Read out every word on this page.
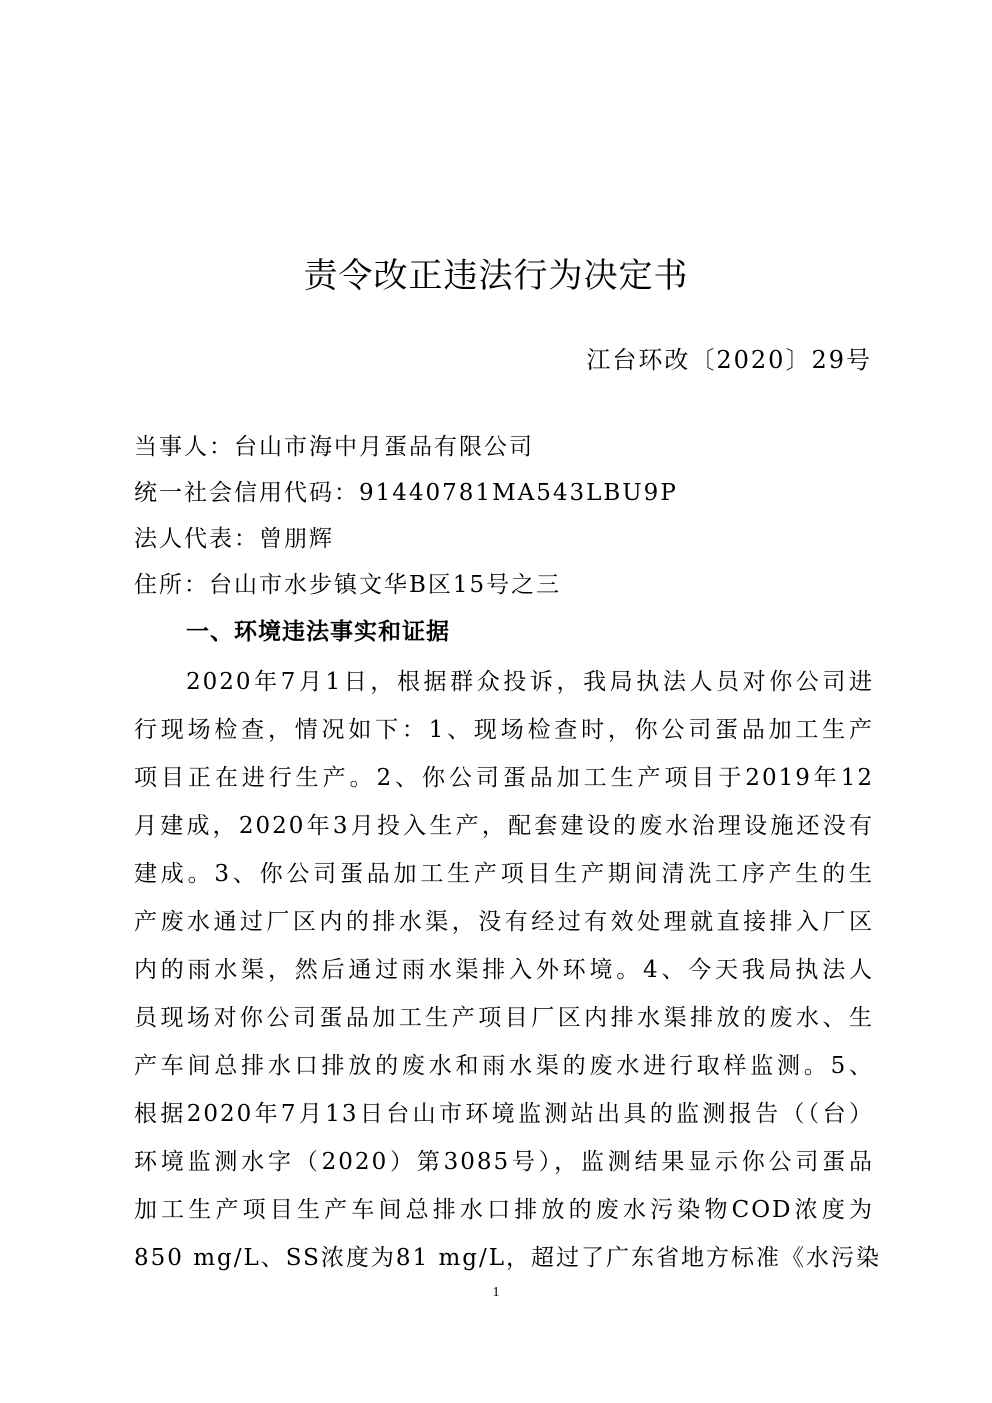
责令改正违法行为决定书
江台环改〔2020〕29号
当事人：台山市海中月蛋品有限公司
统一社会信用代码：91440781MA543LBU9P
法人代表：曾朋辉
住所：台山市水步镇文华B区15号之三
一、环境违法事实和证据
2020年7月1日，根据群众投诉，我局执法人员对你公司进
行现场检查，情况如下：1、现场检查时，你公司蛋品加工生产
项目正在进行生产。2、你公司蛋品加工生产项目于2019年12
月建成，2020年3月投入生产，配套建设的废水治理设施还没有
建成。3、你公司蛋品加工生产项目生产期间清洗工序产生的生
产废水通过厂区内的排水渠，没有经过有效处理就直接排入厂区
内的雨水渠，然后通过雨水渠排入外环境。4、今天我局执法人
员现场对你公司蛋品加工生产项目厂区内排水渠排放的废水、生
产车间总排水口排放的废水和雨水渠的废水进行取样监测。5、
根据2020年7月13日台山市环境监测站出具的监测报告（（台）
环境监测水字（2020）第3085号），监测结果显示你公司蛋品
加工生产项目生产车间总排水口排放的废水污染物COD浓度为
850 mg/L、SS浓度为81 mg/L，超过了广东省地方标准《水污染
1
